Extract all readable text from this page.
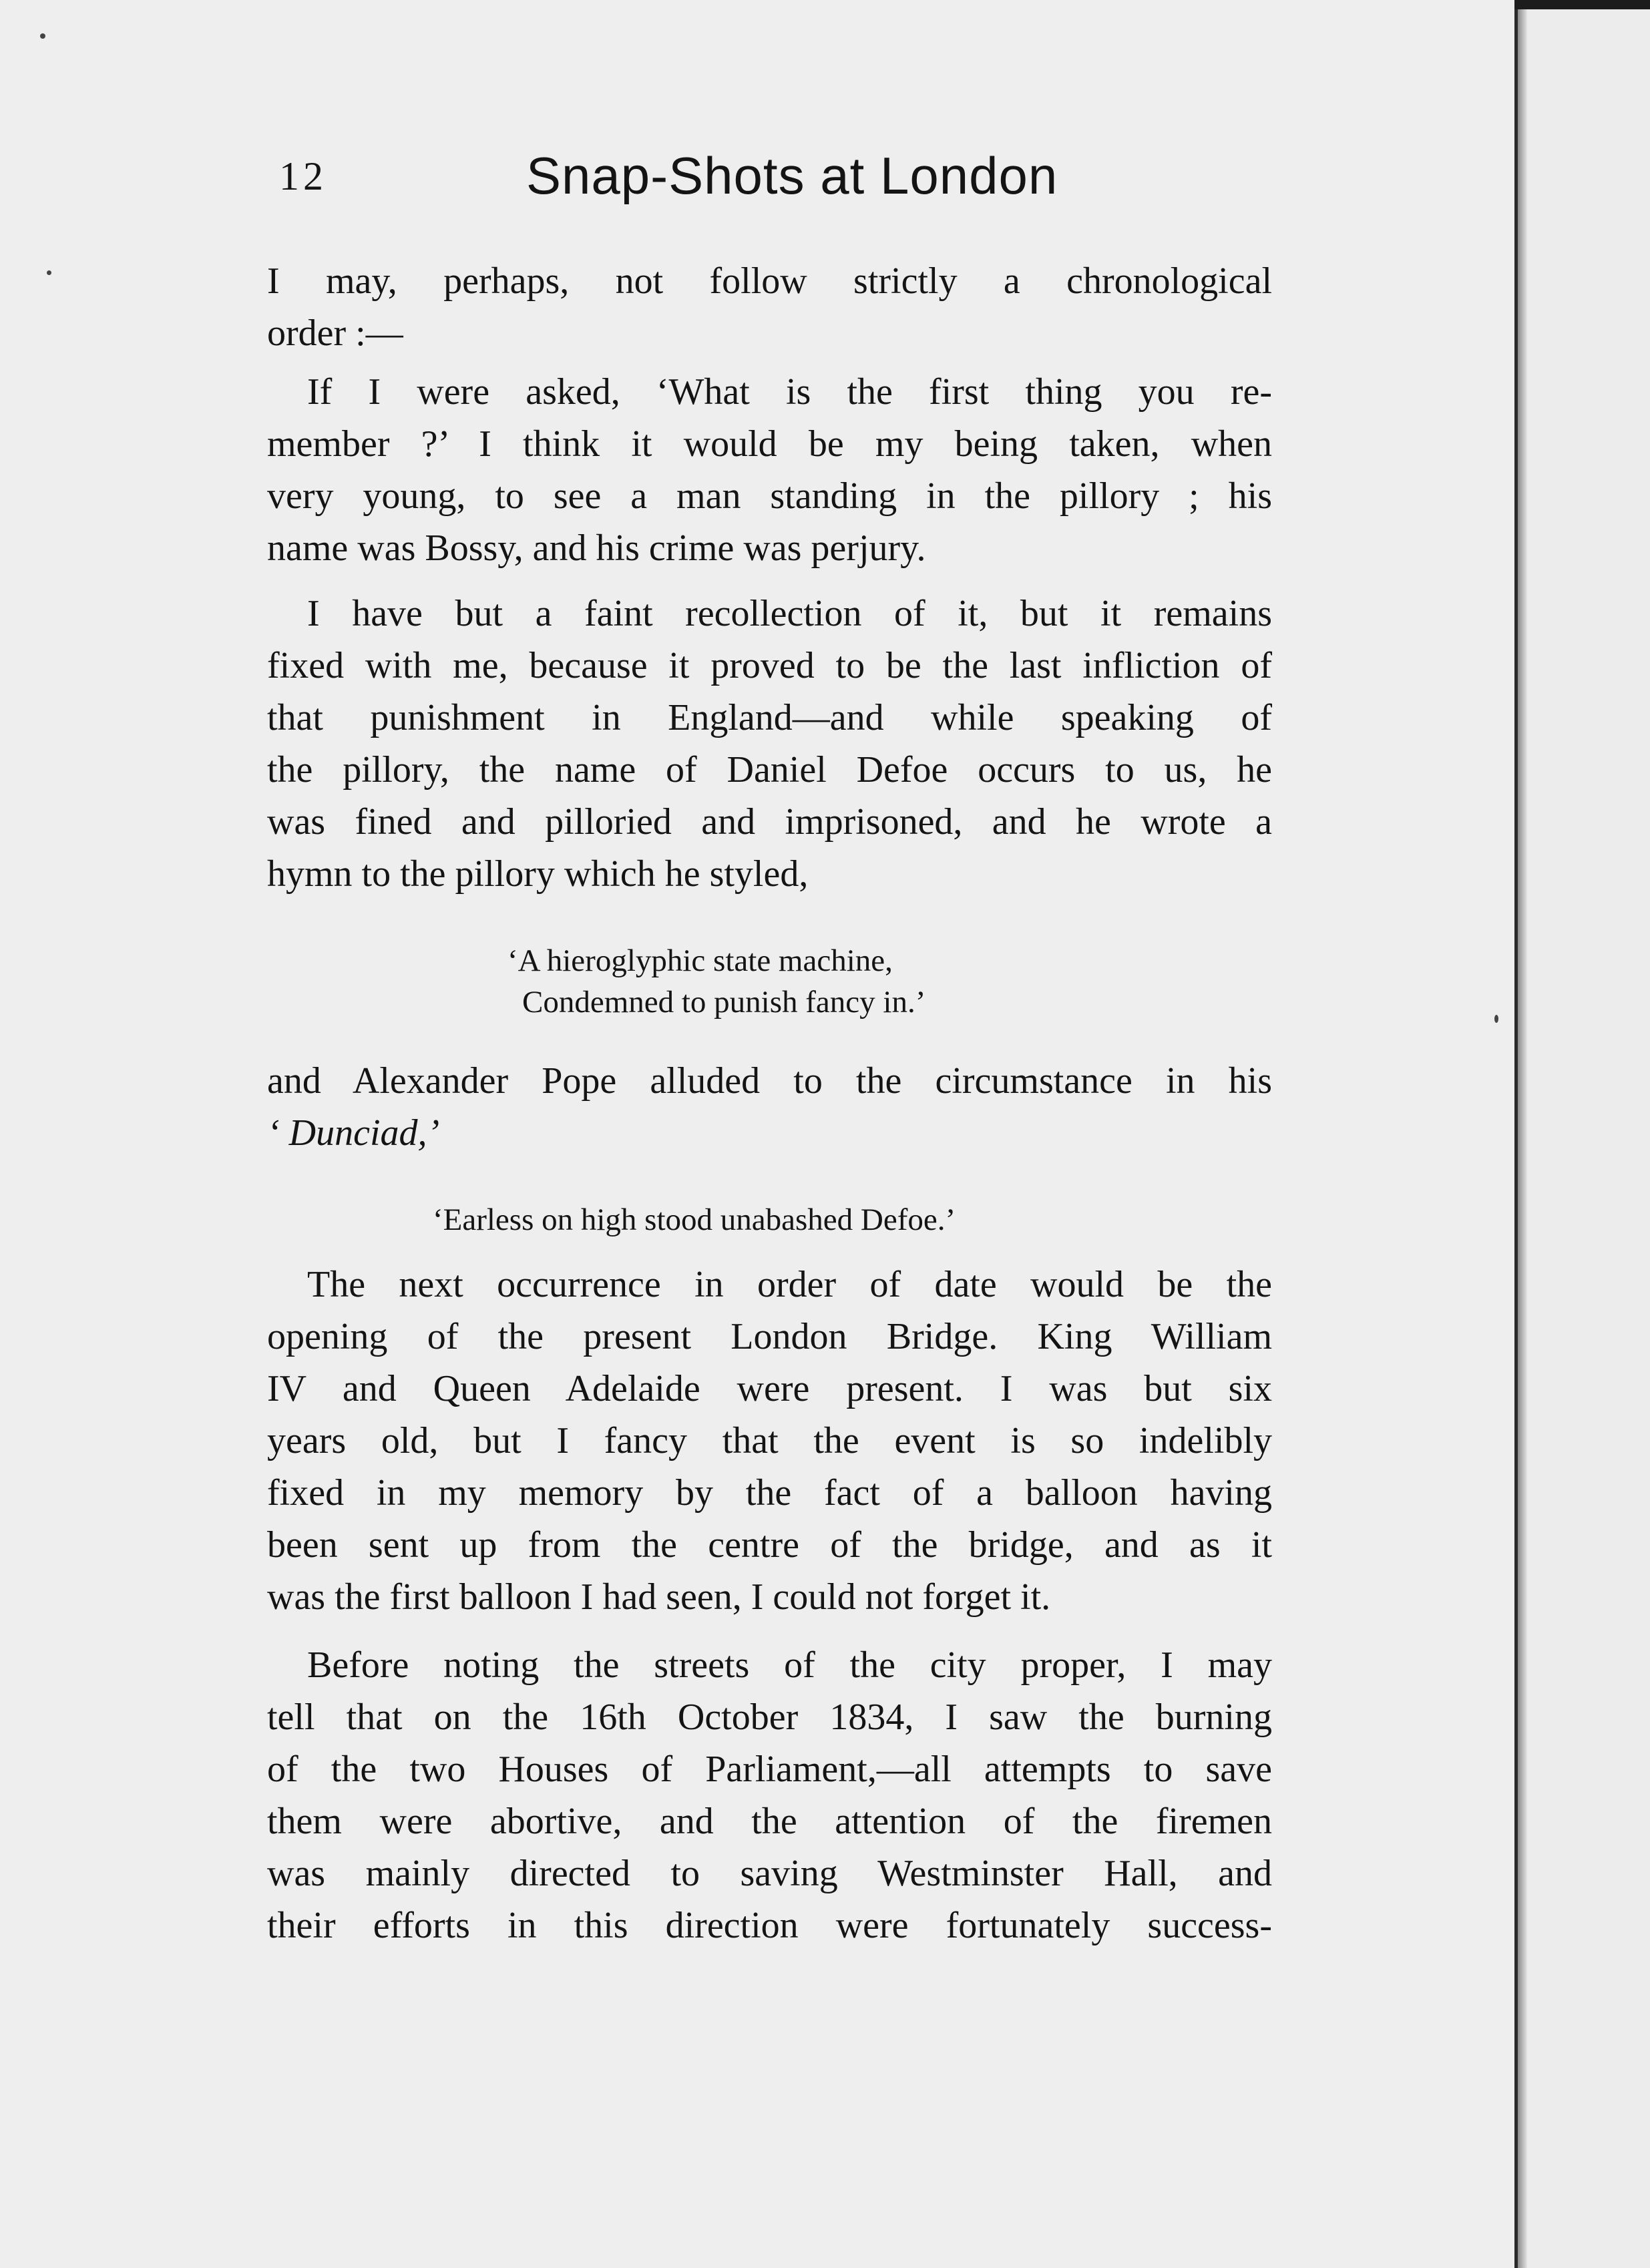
12	Snap-Shots at London
I may, perhaps, not follow strictly a chronological
order :—
If I were asked, ‘What is the first thing you re-
member ?’ I think it would be my being taken, when
very young, to see a man standing in the pillory ; his
name was Bossy, and his crime was perjury.
I have but a faint recollection of it, but it remains
fixed with me, because it proved to be the last infliction of
that punishment in England—and while speaking of
the pillory, the name of Daniel Defoe occurs to us, he
was fined and pilloried and imprisoned, and he wrote a
hymn to the pillory which he styled,
‘A hieroglyphic state machine,
Condemned to punish fancy in.’
and Alexander Pope alluded to the circumstance in his
‘ Dunciad,’
‘Earless on high stood unabashed Defoe.’
The next occurrence in order of date would be the
opening of the present London Bridge. King William
IV and Queen Adelaide were present. I was but six
years old, but I fancy that the event is so indelibly
fixed in my memory by the fact of a balloon having
been sent up from the centre of the bridge, and as it
was the first balloon I had seen, I could not forget it.
Before noting the streets of the city proper, I may
tell that on the 16th October 1834, I saw the burning
of the two Houses of Parliament,—all attempts to save
them were abortive, and the attention of the firemen
was mainly directed to saving Westminster Hall, and
their efforts in this direction were fortunately success-
